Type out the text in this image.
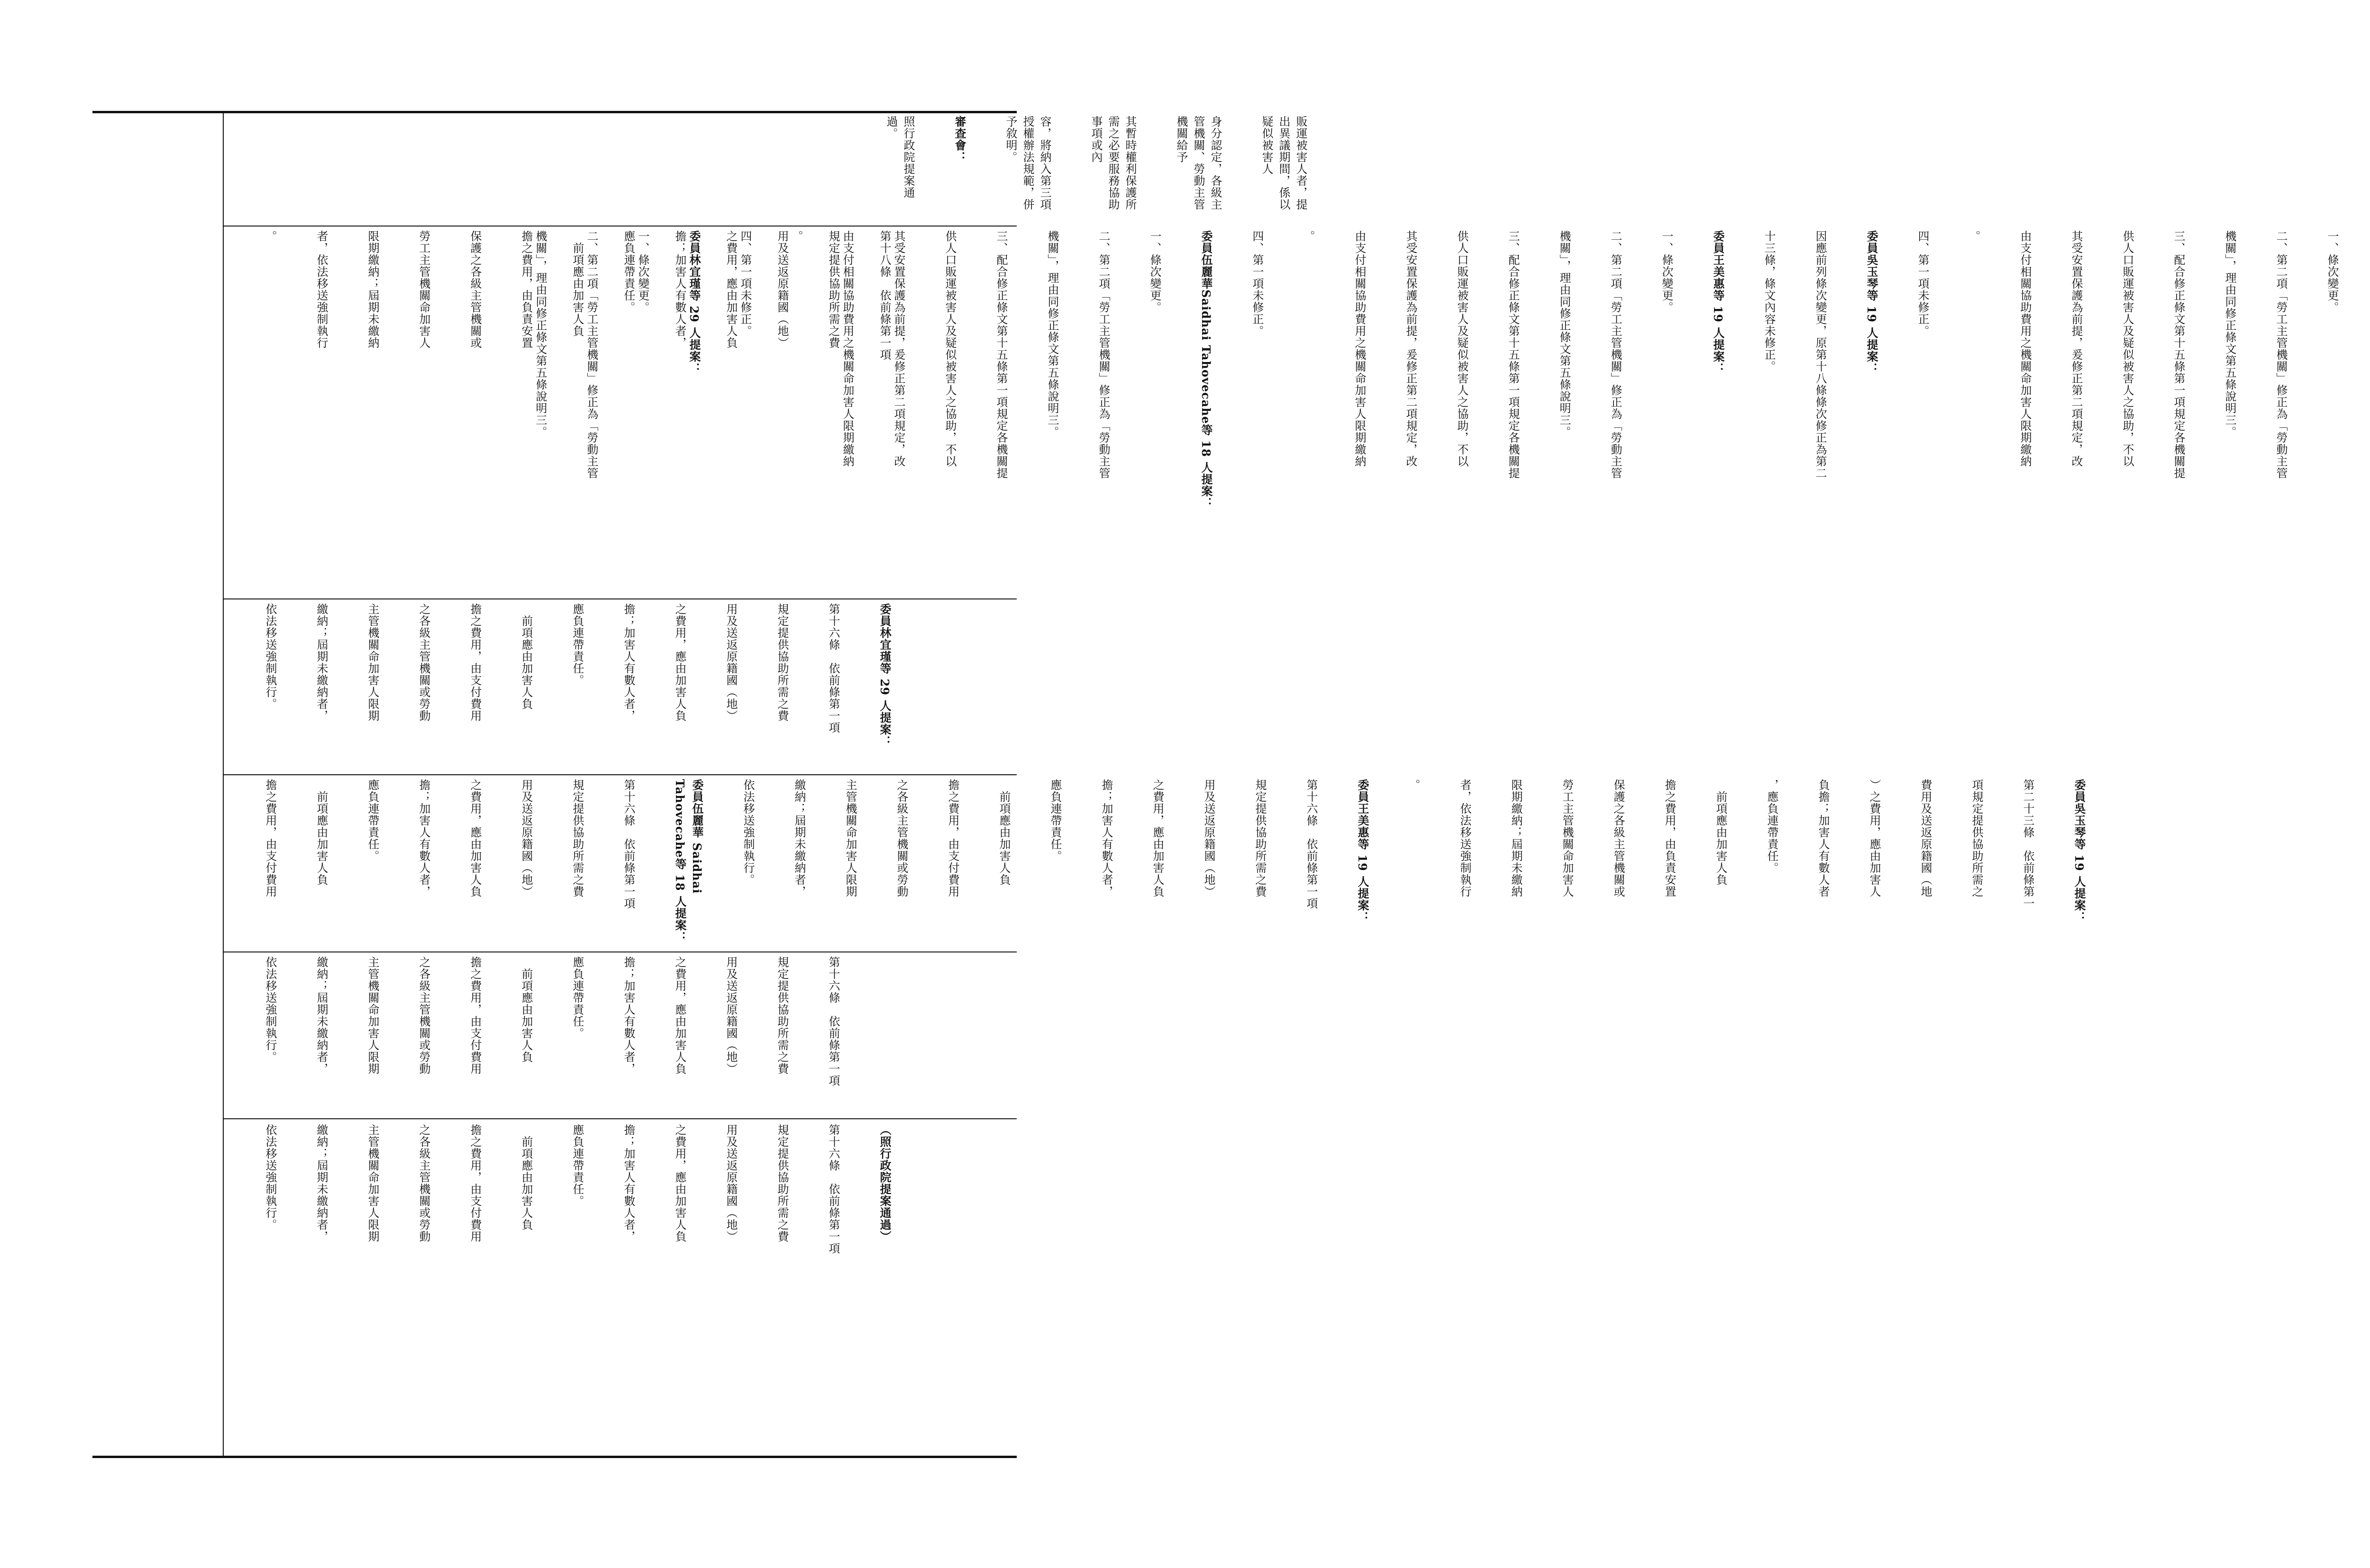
（照行政院提案通過）

第十六條　依前條第一項

規定提供協助所需之費

用及送返原籍國（地）

之費用，應由加害人負

擔；加害人有數人者，

應負連帶責任。

　前項應由加害人負

擔之費用，由支付費用

之各級主管機關或勞動

主管機關命加害人限期

繳納；屆期未繳納者，

依法移送強制執行。

第十六條　依前條第一項

規定提供協助所需之費

用及送返原籍國（地）

之費用，應由加害人負

擔；加害人有數人者，

應負連帶責任。

　前項應由加害人負

擔之費用，由支付費用

之各級主管機關或勞動

主管機關命加害人限期

繳納；屆期未繳納者，

依法移送強制執行。

委員吳玉琴等 19 人提案：

第二十三條　依前條第一

項規定提供協助所需之

費用及送返原籍國（地

）之費用，應由加害人

負擔；加害人有數人者

，應負連帶責任。

　前項應由加害人負

擔之費用，由負責安置

保護之各級主管機關或

勞工主管機關命加害人

限期繳納；屆期未繳納

者，依法移送強制執行

。

委員王美惠等 19 人提案：

第十六條　依前條第一項

規定提供協助所需之費

用及送返原籍國（地）

之費用，應由加害人負

擔；加害人有數人者，

應負連帶責任。

　前項應由加害人負

擔之費用，由支付費用

之各級主管機關或勞動

主管機關命加害人限期

繳納；屆期未繳納者，

依法移送強制執行。

委員伍麗華 Saidhai Tahovecahe等 18 人提案：

第十六條　依前條第一項

規定提供協助所需之費

用及送返原籍國（地）

之費用，應由加害人負

擔；加害人有數人者，

應負連帶責任。

　前項應由加害人負

擔之費用，由支付費用

委員林宜瑾等 29 人提案：

第十六條　依前條第一項

規定提供協助所需之費

用及送返原籍國（地）

之費用，應由加害人負

擔；加害人有數人者，

應負連帶責任。

　前項應由加害人負

擔之費用，由支付費用

之各級主管機關或勞動

主管機關命加害人限期

繳納；屆期未繳納者，

依法移送強制執行。

第十八條　依前條第一項

規定提供協助所需之費

用及送返原籍國（地）

之費用，應由加害人負

擔；加害人有數人者，

應負連帶責任。

　前項應由加害人負

擔之費用，由負責安置

保護之各級主管機關或

勞工主管機關命加害人

限期繳納；屆期未繳納

者，依法移送強制執行

。

販運被害人者，提出異議期間，係以疑似被害人

身分認定，各級主管機關、勞動主管機關給予

其暫時權利保護所需之必要服務協助事項或內

容，將納入第三項授權辦法規範，併予敘明。

審查會：

照行政院提案通過。

一、條次變更。

二、第二項「勞工主管機關」修正為「勞動主管

機關」，理由同修正條文第五條說明三。

三、配合修正條文第十五條第一項規定各機關提

供人口販運被害人及疑似被害人之協助，不以

其受安置保護為前提，爰修正第二項規定，改

由支付相關協助費用之機關命加害人限期繳納

。

四、第一項未修正。

委員吳玉琴等 19 人提案：

因應前列條次變更，原第十八條條次修正為第二

十三條，條文內容未修正。

委員王美惠等 19 人提案：

一、條次變更。

二、第二項「勞工主管機關」修正為「勞動主管

機關」，理由同修正條文第五條說明三。

三、配合修正條文第十五條第一項規定各機關提

供人口販運被害人及疑似被害人之協助，不以

其受安置保護為前提，爰修正第二項規定，改

由支付相關協助費用之機關命加害人限期繳納

。

四、第一項未修正。

委員伍麗華Saidhai Tahovecahe等 18 人提案：

一、條次變更。

二、第二項「勞工主管機關」修正為「勞動主管

機關」，理由同修正條文第五條說明三。

三、配合修正條文第十五條第一項規定各機關提

供人口販運被害人及疑似被害人之協助，不以

其受安置保護為前提，爰修正第二項規定，改

由支付相關協助費用之機關命加害人限期繳納

。

四、第一項未修正。

委員林宜瑾等 29 人提案：

一、條次變更。

二、第二項「勞工主管機關」修正為「勞動主管

機關」，理由同修正條文第五條說明三。
